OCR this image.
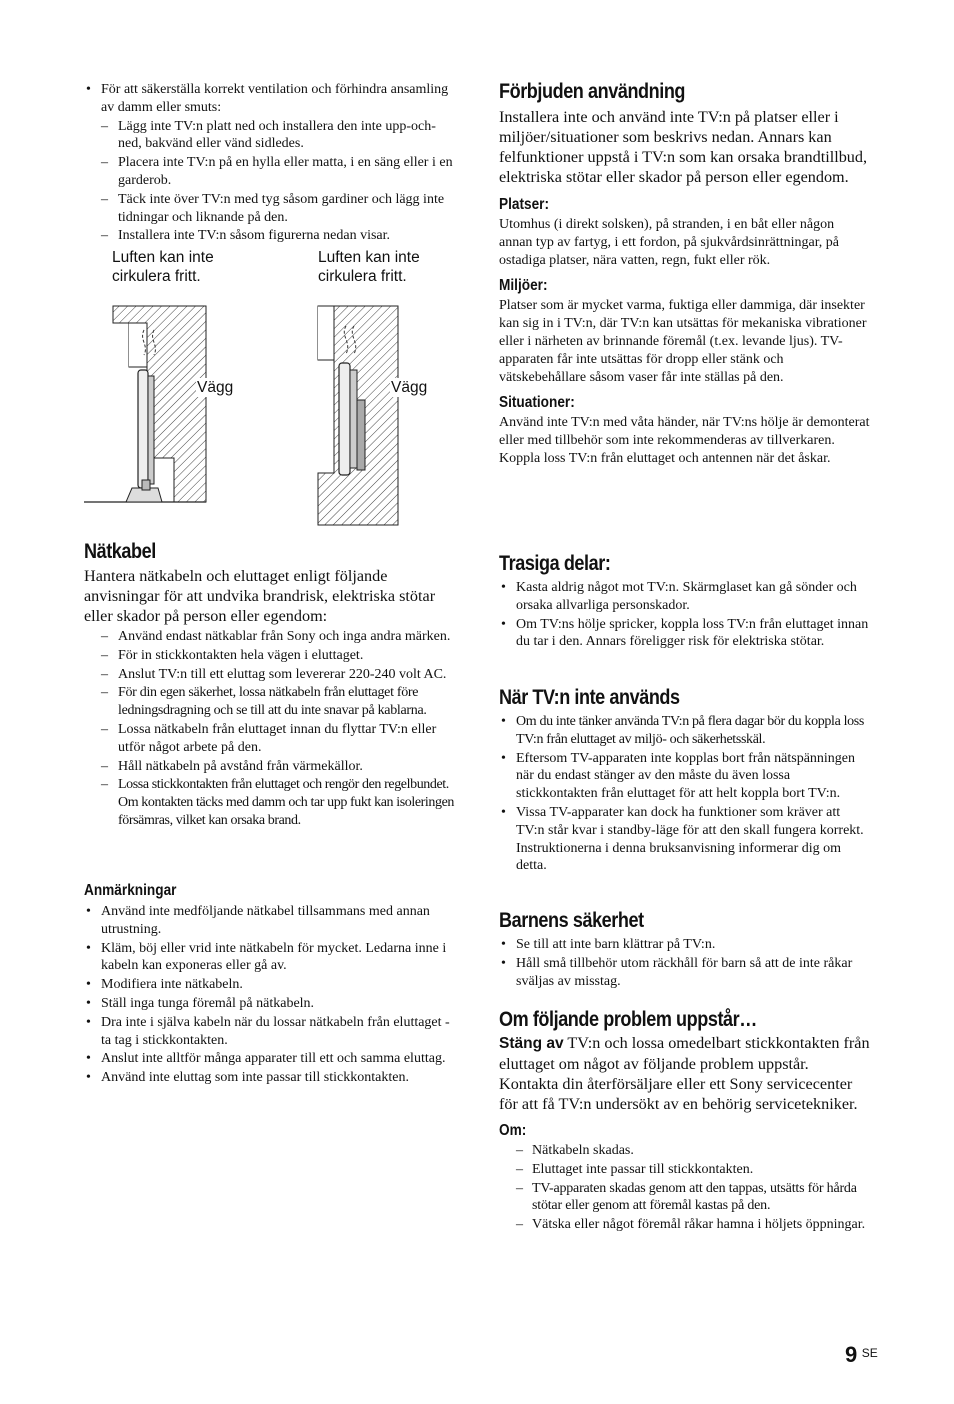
• För att säkerställa korrekt ventilation och förhindra ansamling av damm eller smuts:
– Lägg inte TV:n platt ned och installera den inte upp-och-ned, bakvänd eller vänd sidledes.
– Placera inte TV:n på en hylla eller matta, i en säng eller i en garderob.
– Täck inte över TV:n med tyg såsom gardiner och lägg inte tidningar och liknande på den.
– Installera inte TV:n såsom figurerna nedan visar.
Luften kan inte cirkulera fritt.
Luften kan inte cirkulera fritt.
Vägg	Vägg
Nätkabel

Hantera nätkabeln och eluttaget enligt följande anvisningar för att undvika brandrisk, elektriska stötar eller skador på person eller egendom:

– Använd endast nätkablar från Sony och inga andra märken.
– För in stickkontakten hela vägen i eluttaget.
– Anslut TV:n till ett eluttag som levererar 220-240 volt AC.
– För din egen säkerhet, lossa nätkabeln från eluttaget före ledningsdragning och se till att du inte snavar på kablarna.
– Lossa nätkabeln från eluttaget innan du flyttar TV:n eller utför något arbete på den.
– Håll nätkabeln på avstånd från värmekällor.
– Lossa stickkontakten från eluttaget och rengör den regelbundet. Om kontakten täcks med damm och tar upp fukt kan isoleringen försämras, vilket kan orsaka brand.
Anmärkningar
• Använd inte medföljande nätkabel tillsammans med annan utrustning.
• Kläm, böj eller vrid inte nätkabeln för mycket. Ledarna inne i kabeln kan exponeras eller gå av.
• Modifiera inte nätkabeln.
• Ställ inga tunga föremål på nätkabeln.
• Dra inte i själva kabeln när du lossar nätkabeln från eluttaget - ta tag i stickkontakten.
• Anslut inte alltför många apparater till ett och samma eluttag.
• Använd inte eluttag som inte passar till stickkontakten.
Förbjuden användning

Installera inte och använd inte TV:n på platser eller i miljöer/situationer som beskrivs nedan. Annars kan felfunktioner uppstå i TV:n som kan orsaka brandtillbud, elektriska stötar eller skador på person eller egendom.

Platser:

Utomhus (i direkt solsken), på stranden, i en båt eller någon annan typ av fartyg, i ett fordon, på sjukvårdsinrättningar, på ostadiga platser, nära vatten, regn, fukt eller rök.

Miljöer:

Platser som är mycket varma, fuktiga eller dammiga, där insekter kan sig in i TV:n, där TV:n kan utsättas för mekaniska vibrationer eller i närheten av brinnande föremål (t.ex. levande ljus). TV-apparaten får inte utsättas för dropp eller stänk och vätskebehållare såsom vaser får inte ställas på den.

Situationer:

Använd inte TV:n med våta händer, när TV:ns hölje är demonterat eller med tillbehör som inte rekommenderas av tillverkaren. Koppla loss TV:n från eluttaget och antennen när det åskar.

Trasiga delar:
• Kasta aldrig något mot TV:n. Skärmglaset kan gå sönder och orsaka allvarliga personskador.
• Om TV:ns hölje spricker, koppla loss TV:n från eluttaget innan du tar i den. Annars föreligger risk för elektriska stötar.
När TV:n inte används
• Om du inte tänker använda TV:n på flera dagar bör du koppla loss TV:n från eluttaget av miljö- och säkerhetsskäl.
• Eftersom TV-apparaten inte kopplas bort från nätspänningen när du endast stänger av den måste du även lossa stickkontakten från eluttaget för att helt koppla bort TV:n.
• Vissa TV-apparater kan dock ha funktioner som kräver att TV:n står kvar i standby-läge för att den skall fungera korrekt. Instruktionerna i denna bruksanvisning informerar dig om detta.
Barnens säkerhet
• Se till att inte barn klättrar på TV:n.
• Håll små tillbehör utom räckhåll för barn så att de inte råkar sväljas av misstag.
Om följande problem uppstår…

Stäng av TV:n och lossa omedelbart stickkontakten från eluttaget om något av följande problem uppstår.

Kontakta din återförsäljare eller ett Sony servicecenter för att få TV:n undersökt av en behörig servicetekniker.

Om:
– Nätkabeln skadas.
– Eluttaget inte passar till stickkontakten.
– TV-apparaten skadas genom att den tappas, utsätts för hårda stötar eller genom att föremål kastas på den.
– Vätska eller något föremål råkar hamna i höljets öppningar.
9 $^{SE}$
